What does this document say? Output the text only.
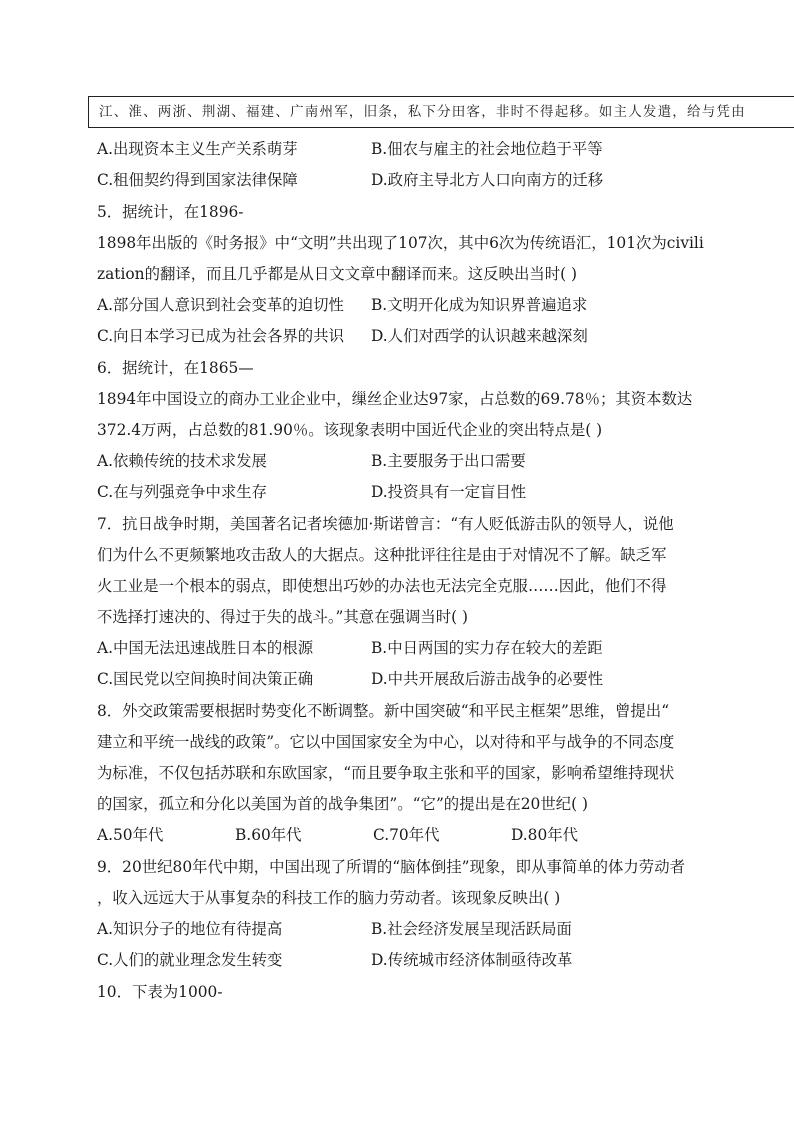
江、淮、两浙、荆湖、福建、广南州军，旧条，私下分田客，非时不得起移。如主人发遣，给与凭由
A.出现资本主义生产关系萌芽	B.佃农与雇主的社会地位趋于平等
C.租佃契约得到国家法律保障	D.政府主导北方人口向南方的迁移
5．据统计，在1896-
1898年出版的《时务报》中“文明”共出现了107次，其中6次为传统语汇，101次为civili
zation的翻译，而且几乎都是从日文文章中翻译而来。这反映出当时( )
A.部分国人意识到社会变革的迫切性 B.文明开化成为知识界普遍追求
C.向日本学习已成为社会各界的共识 D.人们对西学的认识越来越深刻
6．据统计，在1865—
1894年中国设立的商办工业企业中，缫丝企业达97家，占总数的69.78％；其资本数达
372.4万两，占总数的81.90％。该现象表明中国近代企业的突出特点是( )
A.依赖传统的技术求发展	B.主要服务于出口需要
C.在与列强竞争中求生存	D.投资具有一定盲目性
7．抗日战争时期，美国著名记者埃德加·斯诺曾言：“有人贬低游击队的领导人，说他
们为什么不更频繁地攻击敌人的大据点。这种批评往往是由于对情况不了解。缺乏军
火工业是一个根本的弱点，即使想出巧妙的办法也无法完全克服……因此，他们不得
不选择打速决的、得过于失的战斗。”其意在强调当时( )
A.中国无法迅速战胜日本的根源	B.中日两国的实力存在较大的差距
C.国民党以空间换时间决策正确	D.中共开展敌后游击战争的必要性
8．外交政策需要根据时势变化不断调整。新中国突破“和平民主框架”思维，曾提出“
建立和平统一战线的政策”。它以中国国家安全为中心，以对待和平与战争的不同态度
为标准，不仅包括苏联和东欧国家，“而且要争取主张和平的国家，影响希望维持现状
的国家，孤立和分化以美国为首的战争集团”。“它”的提出是在20世纪( )
A.50年代	B.60年代	C.70年代	D.80年代
9．20世纪80年代中期，中国出现了所谓的“脑体倒挂”现象，即从事简单的体力劳动者
，收入远远大于从事复杂的科技工作的脑力劳动者。该现象反映出( )
A.知识分子的地位有待提高	B.社会经济发展呈现活跃局面
C.人们的就业理念发生转变	D.传统城市经济体制亟待改革
10．下表为1000-
